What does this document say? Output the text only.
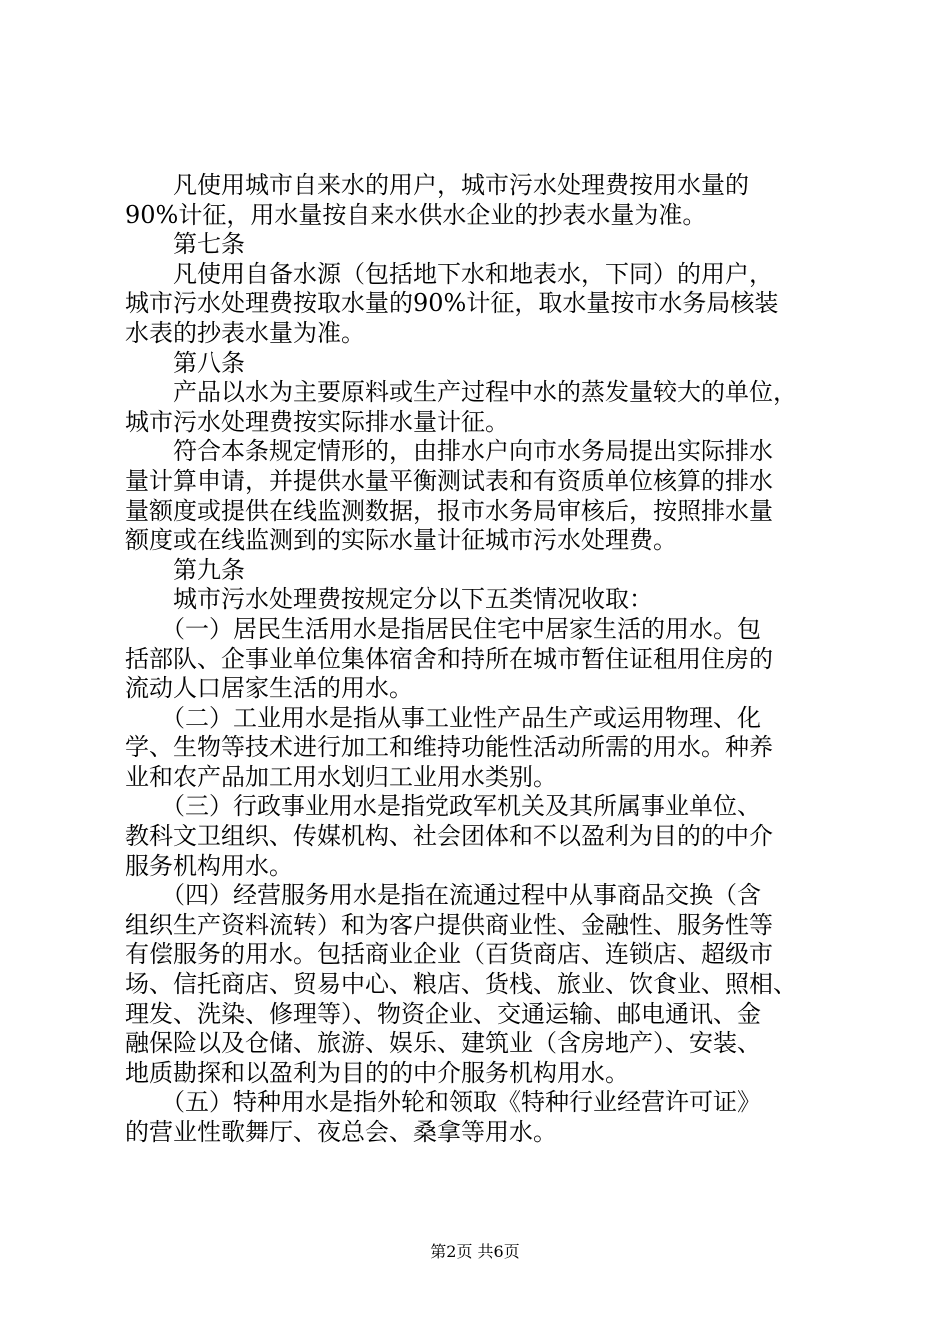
　　凡使用城市自来水的用户，城市污水处理费按用水量的
90%计征，用水量按自来水供水企业的抄表水量为准。
　　第七条
　　凡使用自备水源（包括地下水和地表水，下同）的用户，
城市污水处理费按取水量的90%计征，取水量按市水务局核装
水表的抄表水量为准。
　　第八条
　　产品以水为主要原料或生产过程中水的蒸发量较大的单位，
城市污水处理费按实际排水量计征。
　　符合本条规定情形的，由排水户向市水务局提出实际排水
量计算申请，并提供水量平衡测试表和有资质单位核算的排水
量额度或提供在线监测数据，报市水务局审核后，按照排水量
额度或在线监测到的实际水量计征城市污水处理费。
　　第九条
　　城市污水处理费按规定分以下五类情况收取：
　　（一）居民生活用水是指居民住宅中居家生活的用水。包
括部队、企事业单位集体宿舍和持所在城市暂住证租用住房的
流动人口居家生活的用水。
　　（二）工业用水是指从事工业性产品生产或运用物理、化
学、生物等技术进行加工和维持功能性活动所需的用水。种养
业和农产品加工用水划归工业用水类别。
　　（三）行政事业用水是指党政军机关及其所属事业单位、
教科文卫组织、传媒机构、社会团体和不以盈利为目的的中介
服务机构用水。
　　（四）经营服务用水是指在流通过程中从事商品交换（含
组织生产资料流转）和为客户提供商业性、金融性、服务性等
有偿服务的用水。包括商业企业（百货商店、连锁店、超级市
场、信托商店、贸易中心、粮店、货栈、旅业、饮食业、照相、
理发、洗染、修理等）、物资企业、交通运输、邮电通讯、金
融保险以及仓储、旅游、娱乐、建筑业（含房地产）、安装、
地质勘探和以盈利为目的的中介服务机构用水。
　　（五）特种用水是指外轮和领取《特种行业经营许可证》
的营业性歌舞厅、夜总会、桑拿等用水。
第2页 共6页
